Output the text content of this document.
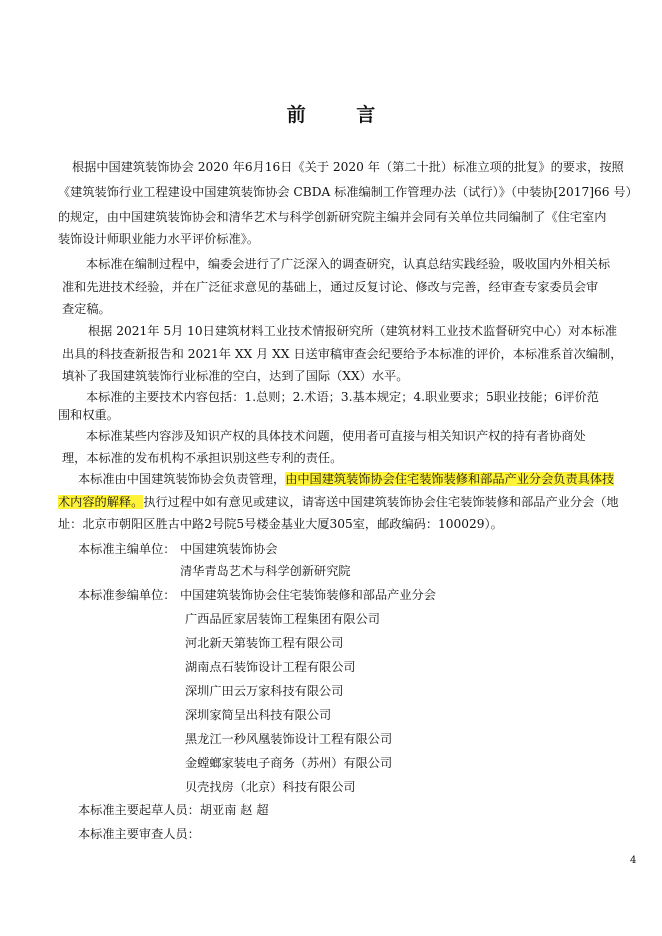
前 言
根据中国建筑装饰协会 2020 年6月16日《关于 2020 年（第二十批）标准立项的批复》的要求，按照
《建筑装饰行业工程建设中国建筑装饰协会 CBDA 标准编制工作管理办法（试行）》（中装协[2017]66 号）
的规定，由中国建筑装饰协会和清华艺术与科学创新研究院主编并会同有关单位共同编制了《住宅室内
装饰设计师职业能力水平评价标准》。
本标准在编制过程中，编委会进行了广泛深入的调查研究，认真总结实践经验，吸收国内外相关标
准和先进技术经验，并在广泛征求意见的基础上，通过反复讨论、修改与完善，经审查专家委员会审
查定稿。
根据 2021年 5月 10日建筑材料工业技术情报研究所（建筑材料工业技术监督研究中心）对本标准
出具的科技查新报告和 2021年 XX 月 XX 日送审稿审查会纪要给予本标准的评价，本标准系首次编制，
填补了我国建筑装饰行业标准的空白，达到了国际（XX）水平。
本标准的主要技术内容包括：1.总则；2.术语；3.基本规定；4.职业要求；5职业技能；6评价范
围和权重。
本标准某些内容涉及知识产权的具体技术问题，使用者可直接与相关知识产权的持有者协商处
理，本标准的发布机构不承担识别这些专利的责任。
本标准由中国建筑装饰协会负责管理，由中国建筑装饰协会住宅装饰装修和部品产业分会负责具体技
术内容的解释。执行过程中如有意见或建议，请寄送中国建筑装饰协会住宅装饰装修和部品产业分会（地
址：北京市朝阳区胜古中路2号院5号楼金基业大厦305室，邮政编码：100029）。
本标准主编单位： 中国建筑装饰协会
清华青岛艺术与科学创新研究院
本标准参编单位： 中国建筑装饰协会住宅装饰装修和部品产业分会
广西品匠家居装饰工程集团有限公司
河北新天第装饰工程有限公司
湖南点石装饰设计工程有限公司
深圳广田云万家科技有限公司
深圳家简呈出科技有限公司
黑龙江一秒风凰装饰设计工程有限公司
金螳螂家装电子商务（苏州）有限公司
贝壳找房（北京）科技有限公司
本标准主要起草人员：胡亚南 赵 超
本标准主要审查人员：
4
